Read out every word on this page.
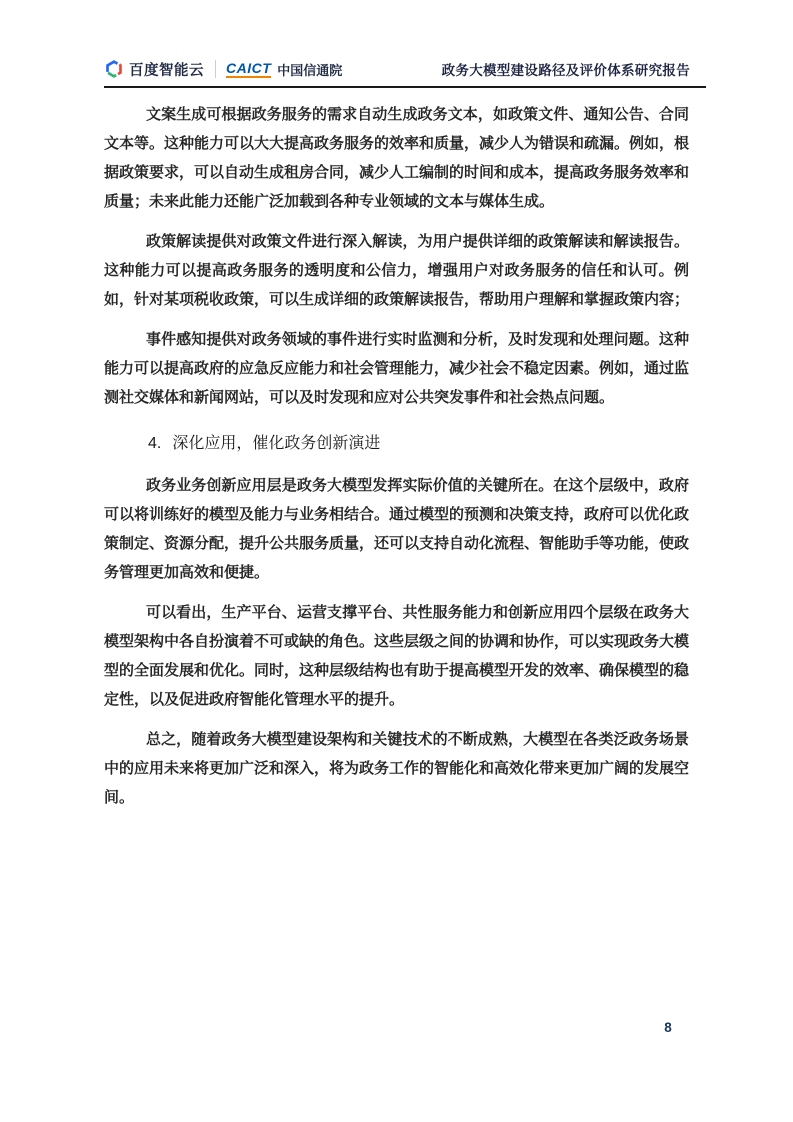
百度智能云 CAICT 中国信通院	政务大模型建设路径及评价体系研究报告

文案生成可根据政务服务的需求自动生成政务文本，如政策文件、通知公告、合同文本等。这种能力可以大大提高政务服务的效率和质量，减少人为错误和疏漏。例如，根据政策要求，可以自动生成租房合同，减少人工编制的时间和成本，提高政务服务效率和质量；未来此能力还能广泛加载到各种专业领域的文本与媒体生成。

政策解读提供对政策文件进行深入解读，为用户提供详细的政策解读和解读报告。这种能力可以提高政务服务的透明度和公信力，增强用户对政务服务的信任和认可。例如，针对某项税收政策，可以生成详细的政策解读报告，帮助用户理解和掌握政策内容；

事件感知提供对政务领域的事件进行实时监测和分析，及时发现和处理问题。这种能力可以提高政府的应急反应能力和社会管理能力，减少社会不稳定因素。例如，通过监测社交媒体和新闻网站，可以及时发现和应对公共突发事件和社会热点问题。

4. 深化应用，催化政务创新演进

政务业务创新应用层是政务大模型发挥实际价值的关键所在。在这个层级中，政府可以将训练好的模型及能力与业务相结合。通过模型的预测和决策支持，政府可以优化政策制定、资源分配，提升公共服务质量，还可以支持自动化流程、智能助手等功能，使政务管理更加高效和便捷。

可以看出，生产平台、运营支撑平台、共性服务能力和创新应用四个层级在政务大模型架构中各自扮演着不可或缺的角色。这些层级之间的协调和协作，可以实现政务大模型的全面发展和优化。同时，这种层级结构也有助于提高模型开发的效率、确保模型的稳定性，以及促进政府智能化管理水平的提升。

总之，随着政务大模型建设架构和关键技术的不断成熟，大模型在各类泛政务场景中的应用未来将更加广泛和深入，将为政务工作的智能化和高效化带来更加广阔的发展空间。

8
